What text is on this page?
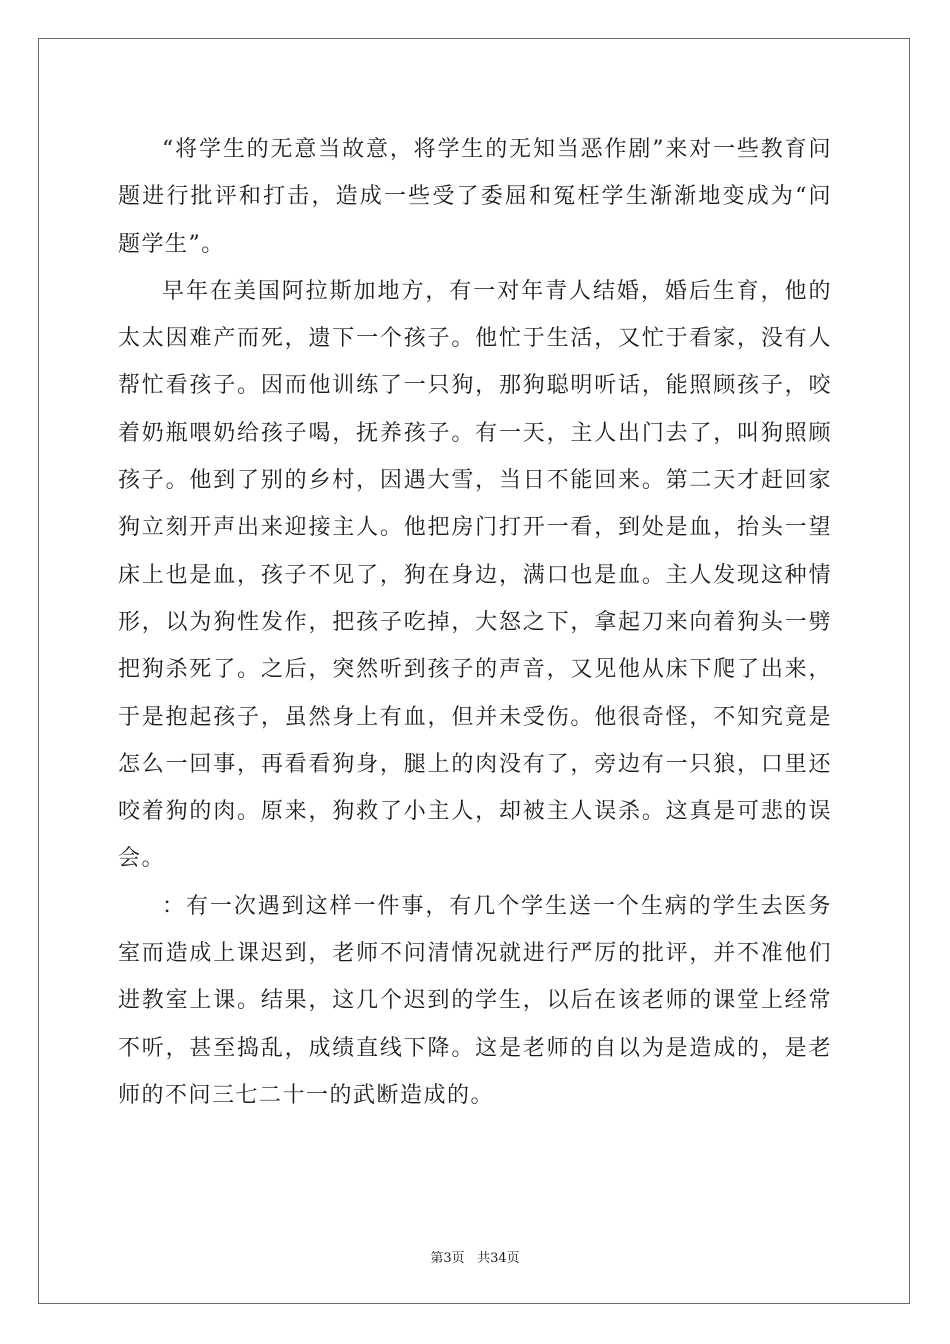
“将学生的无意当故意，将学生的无知当恶作剧”来对一些教育问题进行批评和打击，造成一些受了委屈和冤枉学生渐渐地变成为“问题学生”。

早年在美国阿拉斯加地方，有一对年青人结婚，婚后生育，他的太太因难产而死，遗下一个孩子。他忙于生活，又忙于看家，没有人帮忙看孩子。因而他训练了一只狗，那狗聪明听话，能照顾孩子，咬着奶瓶喂奶给孩子喝，抚养孩子。有一天，主人出门去了，叫狗照顾孩子。他到了别的乡村，因遇大雪，当日不能回来。第二天才赶回家狗立刻开声出来迎接主人。他把房门打开一看，到处是血，抬头一望床上也是血，孩子不见了，狗在身边，满口也是血。主人发现这种情形，以为狗性发作，把孩子吃掉，大怒之下，拿起刀来向着狗头一劈把狗杀死了。之后，突然听到孩子的声音，又见他从床下爬了出来，于是抱起孩子，虽然身上有血，但并未受伤。他很奇怪，不知究竟是怎么一回事，再看看狗身，腿上的肉没有了，旁边有一只狼，口里还咬着狗的肉。原来，狗救了小主人，却被主人误杀。这真是可悲的误会。

：有一次遇到这样一件事，有几个学生送一个生病的学生去医务室而造成上课迟到，老师不问清情况就进行严厉的批评，并不准他们进教室上课。结果，这几个迟到的学生，以后在该老师的课堂上经常不听，甚至捣乱，成绩直线下降。这是老师的自以为是造成的，是老师的不问三七二十一的武断造成的。

第3页 共34页
